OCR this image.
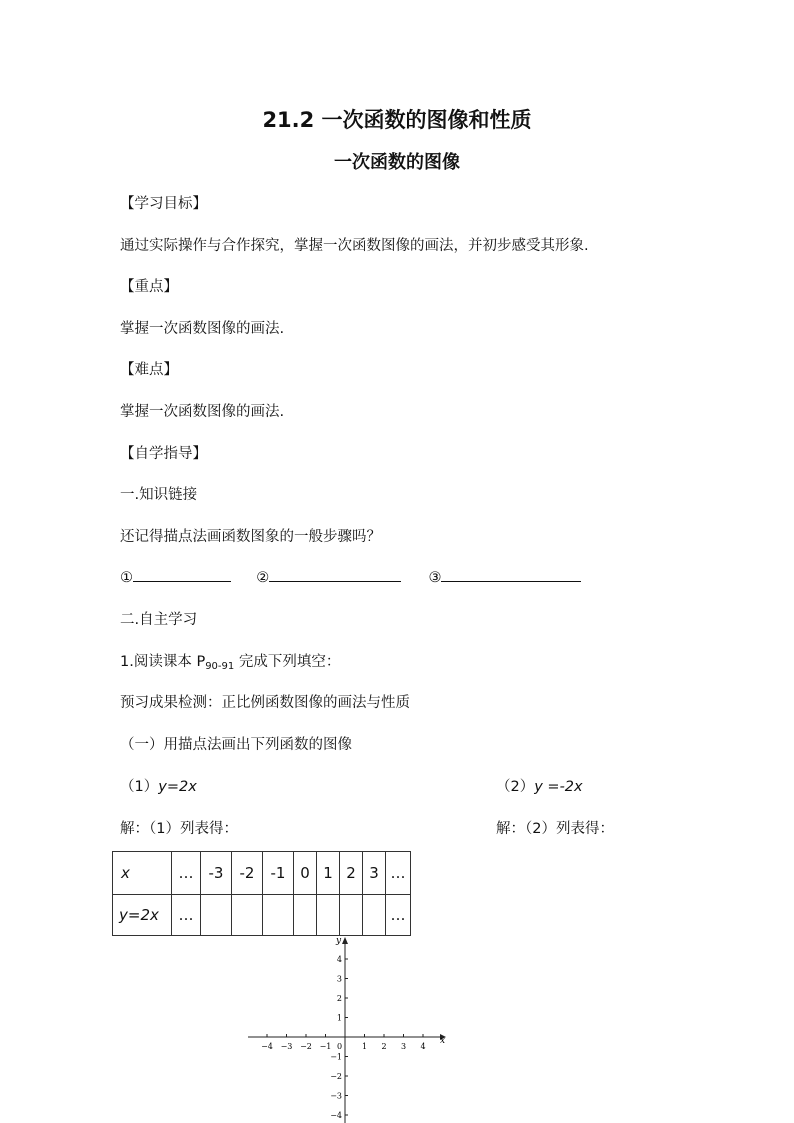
21.2 一次函数的图像和性质
一次函数的图像
【学习目标】
通过实际操作与合作探究，掌握一次函数图像的画法，并初步感受其形象.
【重点】
掌握一次函数图像的画法.
【难点】
掌握一次函数图像的画法.
【自学指导】
一.知识链接
还记得描点法画函数图象的一般步骤吗？
①	②	③
二.自主学习
1.阅读课本 $P_{90-91}$ 完成下列填空：
预习成果检测：正比例函数图像的画法与性质
（一）用描点法画出下列函数的图像
（1）y=2x	（2）y =-2x
解：（1）列表得：	解：（2）列表得：
x	…	-3	-2	-1	0	1	2	3	…
y=2x	…								…
x
y
0
−4 −3 −2 −1	1 2 3 4
4
3
2
1
−1
−2
−3
−4
